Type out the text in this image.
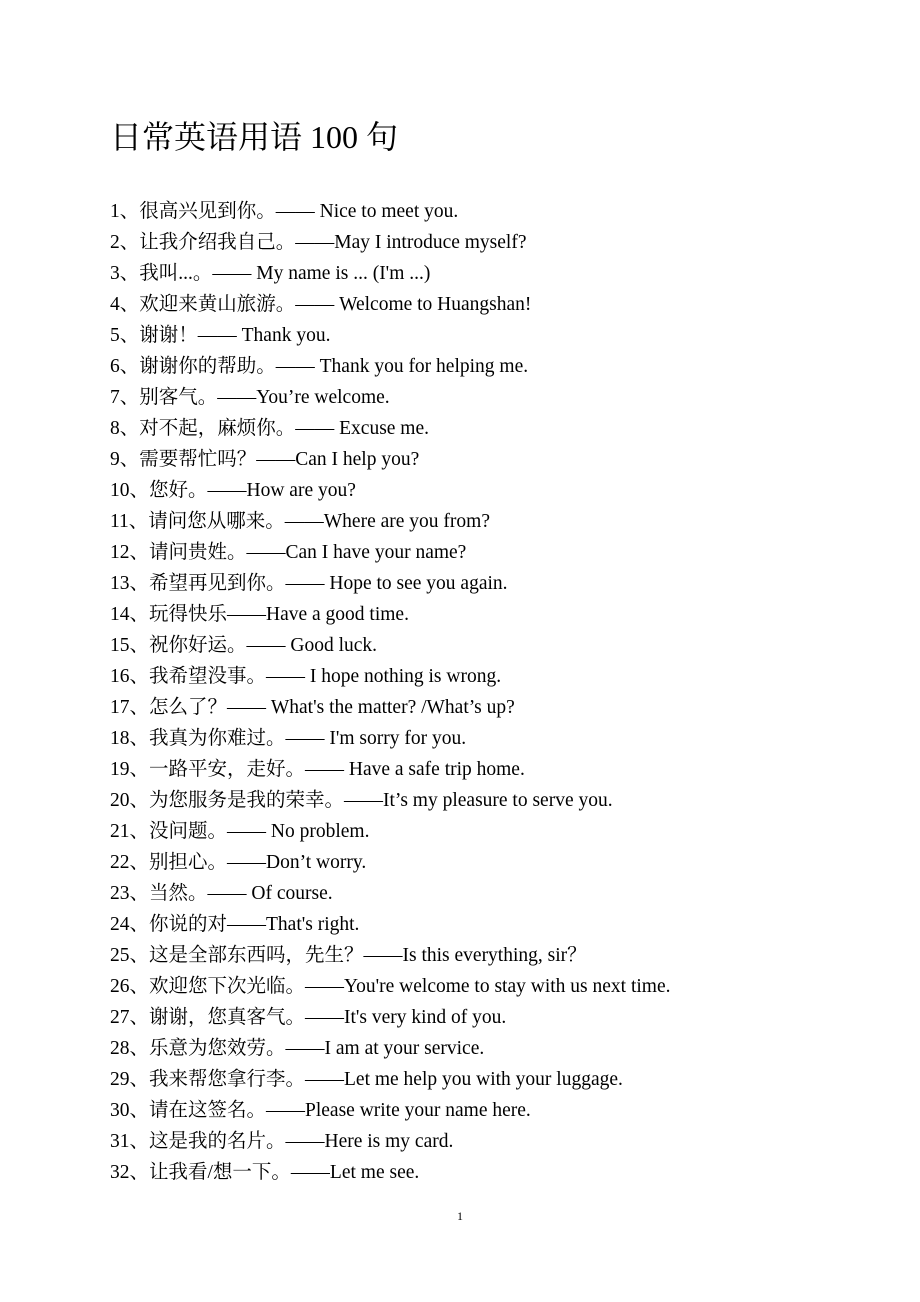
日常英语用语 100 句
1、很高兴见到你。—— Nice to meet you.
2、让我介绍我自己。——May I introduce myself?
3、我叫...。—— My name is ... (I'm ...)
4、欢迎来黄山旅游。—— Welcome to Huangshan!
5、谢谢！—— Thank you.
6、谢谢你的帮助。—— Thank you for helping me.
7、别客气。——You’re welcome.
8、对不起，麻烦你。—— Excuse me.
9、需要帮忙吗？——Can I help you?
10、您好。——How are you?
11、请问您从哪来。——Where are you from?
12、请问贵姓。——Can I have your name?
13、希望再见到你。—— Hope to see you again.
14、玩得快乐——Have a good time.
15、祝你好运。—— Good luck.
16、我希望没事。—— I hope nothing is wrong.
17、怎么了？—— What's the matter? /What’s up?
18、我真为你难过。—— I'm sorry for you.
19、一路平安，走好。—— Have a safe trip home.
20、为您服务是我的荣幸。——It’s my pleasure to serve you.
21、没问题。—— No problem.
22、别担心。——Don’t worry.
23、当然。—— Of course.
24、你说的对——That's right.
25、这是全部东西吗，先生？——Is this everything, sir？
26、欢迎您下次光临。——You're welcome to stay with us next time.
27、谢谢，您真客气。——It's very kind of you.
28、乐意为您效劳。——I am at your service.
29、我来帮您拿行李。——Let me help you with your luggage.
30、请在这签名。——Please write your name here.
31、这是我的名片。——Here is my card.
32、让我看/想一下。——Let me see.
1
